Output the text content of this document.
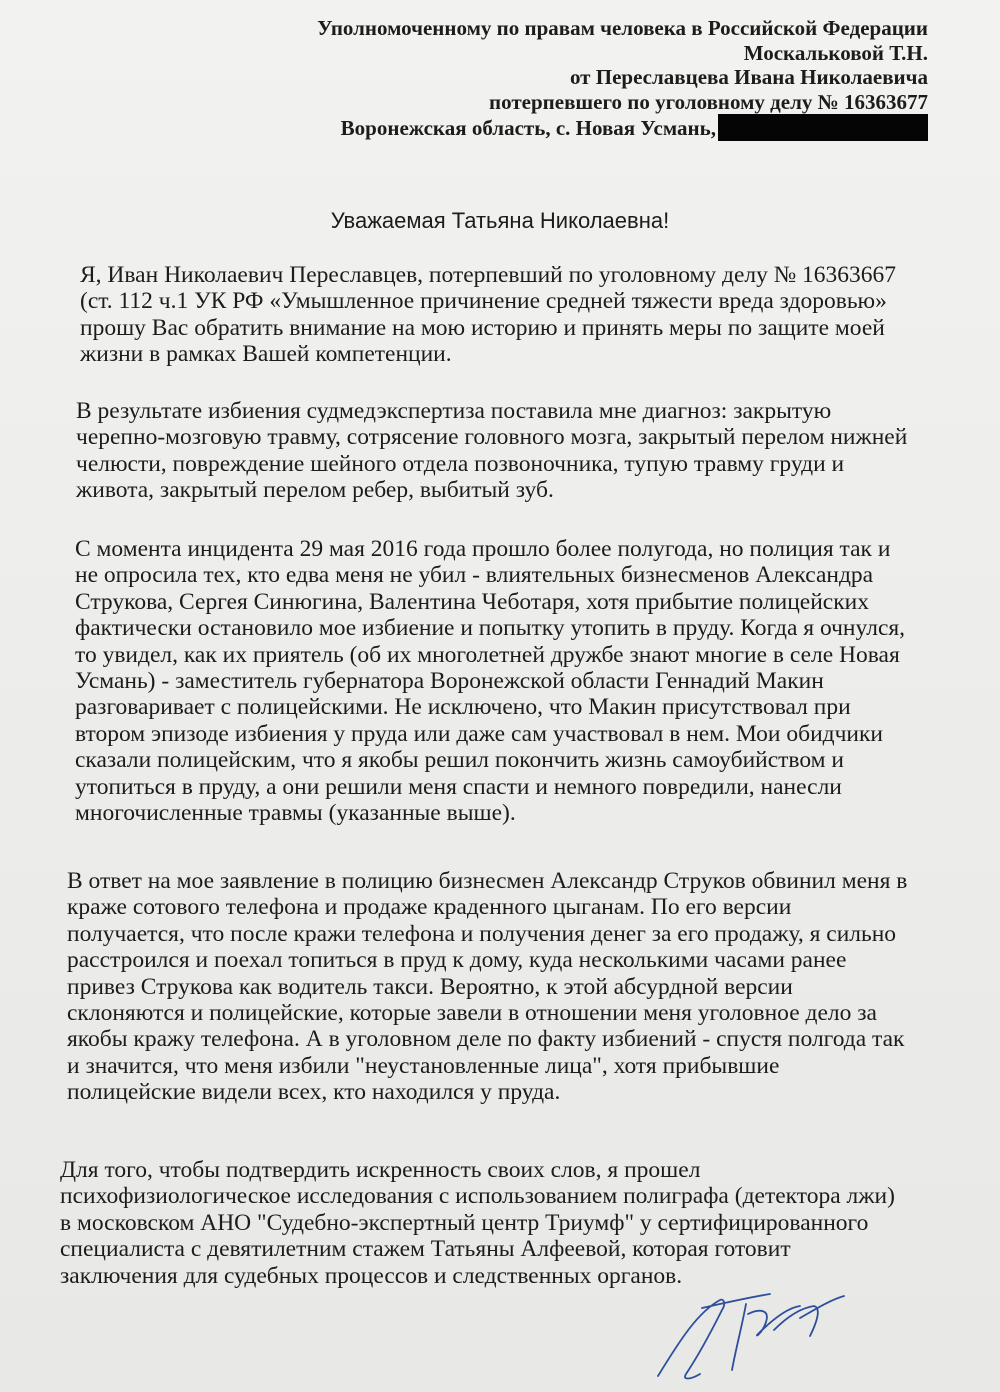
Уполномоченному по правам человека в Российской Федерации
Москальковой Т.Н.
от Переславцева Ивана Николаевича
потерпевшего по уголовному делу № 16363677
Воронежская область, с. Новая Усмань,
Уважаемая Татьяна Николаевна!
Я, Иван Николаевич Переславцев, потерпевший по уголовному делу № 16363667
(ст. 112 ч.1 УК РФ «Умышленное причинение средней тяжести вреда здоровью»
прошу Вас обратить внимание на мою историю и принять меры по защите моей
жизни в рамках Вашей компетенции.
В результате избиения судмедэкспертиза поставила мне диагноз: закрытую
черепно-мозговую травму, сотрясение головного мозга, закрытый перелом нижней
челюсти, повреждение шейного отдела позвоночника, тупую травму груди и
живота, закрытый перелом ребер, выбитый зуб.
С момента инцидента 29 мая 2016 года прошло более полугода, но полиция так и
не опросила тех, кто едва меня не убил - влиятельных бизнесменов Александра
Струкова, Сергея Синюгина, Валентина Чеботаря, хотя прибытие полицейских
фактически остановило мое избиение и попытку утопить в пруду. Когда я очнулся,
то увидел, как их приятель (об их многолетней дружбе знают многие в селе Новая
Усмань) - заместитель губернатора Воронежской области Геннадий Макин
разговаривает с полицейскими. Не исключено, что Макин присутствовал при
втором эпизоде избиения у пруда или даже сам участвовал в нем. Мои обидчики
сказали полицейским, что я якобы решил покончить жизнь самоубийством и
утопиться в пруду, а они решили меня спасти и немного повредили, нанесли
многочисленные травмы (указанные выше).
В ответ на мое заявление в полицию бизнесмен Александр Струков обвинил меня в
краже сотового телефона и продаже краденного цыганам. По его версии
получается, что после кражи телефона и получения денег за его продажу, я сильно
расстроился и поехал топиться в пруд к дому, куда несколькими часами ранее
привез Струкова как водитель такси. Вероятно, к этой абсурдной версии
склоняются и полицейские, которые завели в отношении меня уголовное дело за
якобы кражу телефона. А в уголовном деле по факту избиений - спустя полгода так
и значится, что меня избили "неустановленные лица", хотя прибывшие
полицейские видели всех, кто находился у пруда.
Для того, чтобы подтвердить искренность своих слов, я прошел
психофизиологическое исследования с использованием полиграфа (детектора лжи)
в московском АНО "Судебно-экспертный центр Триумф" у сертифицированного
специалиста с девятилетним стажем Татьяны Алфеевой, которая готовит
заключения для судебных процессов и следственных органов.
